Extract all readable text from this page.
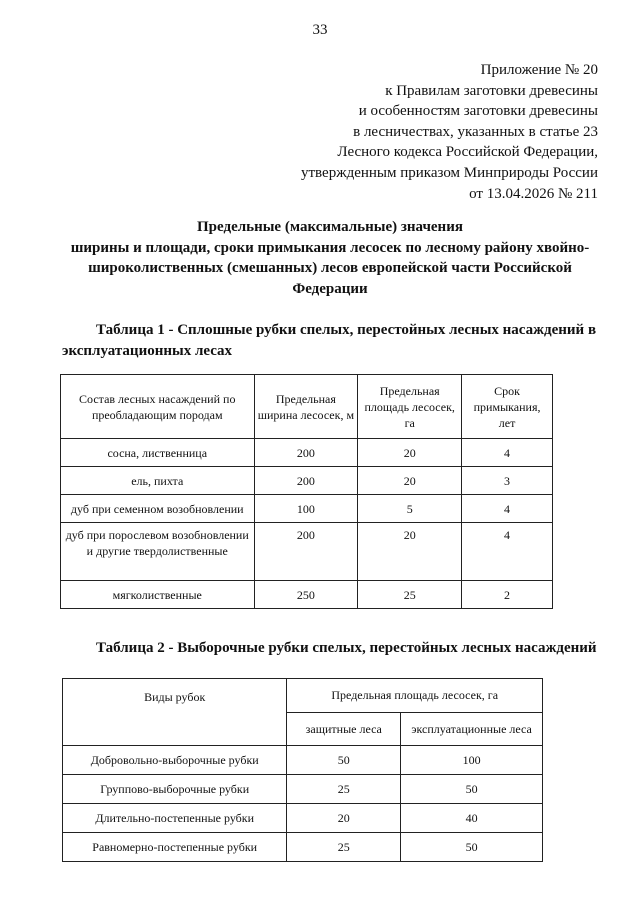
33
Приложение № 20
к Правилам заготовки древесины
и особенностям заготовки древесины
в лесничествах, указанных в статье 23
Лесного кодекса Российской Федерации,
утвержденным приказом Минприроды России
от 13.04.2026 № 211
Предельные (максимальные) значения
ширины и площади, сроки примыкания лесосек по лесному району хвойно-
широколиственных (смешанных) лесов европейской части Российской
Федерации
Таблица 1 - Сплошные рубки спелых, перестойных лесных насаждений в
эксплуатационных лесах
Состав лесных насаждений по преобладающим породам	Предельная ширина лесосек, м	Предельная площадь лесосек, га	Срок примыкания, лет
сосна, лиственница	200	20	4
ель, пихта	200	20	3
дуб при семенном возобновлении	100	5	4
дуб при порослевом возобновлении и другие твердолиственные	200	20	4
мягколиственные	250	25	2
Таблица 2 - Выборочные рубки спелых, перестойных лесных насаждений
Виды рубок	Предельная площадь лесосек, га	
	защитные леса	эксплуатационные леса
Добровольно-выборочные рубки	50	100
Группово-выборочные рубки	25	50
Длительно-постепенные рубки	20	40
Равномерно-постепенные рубки	25	50
